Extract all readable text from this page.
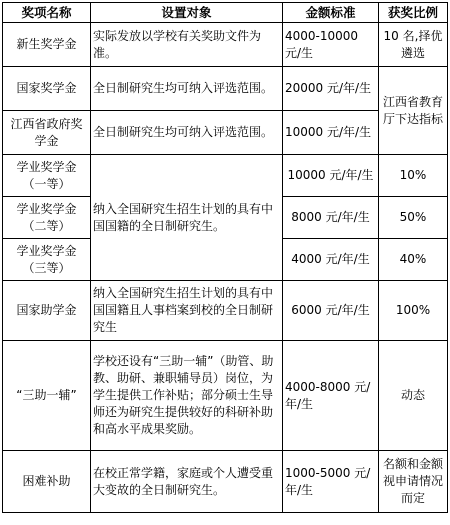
奖项名称	设置对象	金额标准	获奖比例
新生奖学金	实际发放以学校有关奖助文件为准。	4000-10000 元/生	10 名,择优遴选
国家奖学金	全日制研究生均可纳入评选范围。	20000 元/年/生	江西省教育厅下达指标
江西省政府奖学金	全日制研究生均可纳入评选范围。	10000 元/年/生	
学业奖学金（一等）	纳入全国研究生招生计划的具有中国国籍的全日制研究生。	10000 元/年/生	10%
学业奖学金（二等）		8000 元/年/生	50%
学业奖学金（三等）		4000 元/年/生	40%
国家助学金	纳入全国研究生招生计划的具有中国国籍且人事档案到校的全日制研究生	6000 元/年/生	100%
“三助一辅”	学校还设有“三助一辅”（助管、助教、助研、兼职辅导员）岗位，为学生提供工作补贴；部分硕士生导师还为研究生提供较好的科研补助和高水平成果奖励。	4000-8000 元/年/生	动态
困难补助	在校正常学籍，家庭或个人遭受重大变故的全日制研究生。	1000-5000 元/年/生	名额和金额视申请情况而定
